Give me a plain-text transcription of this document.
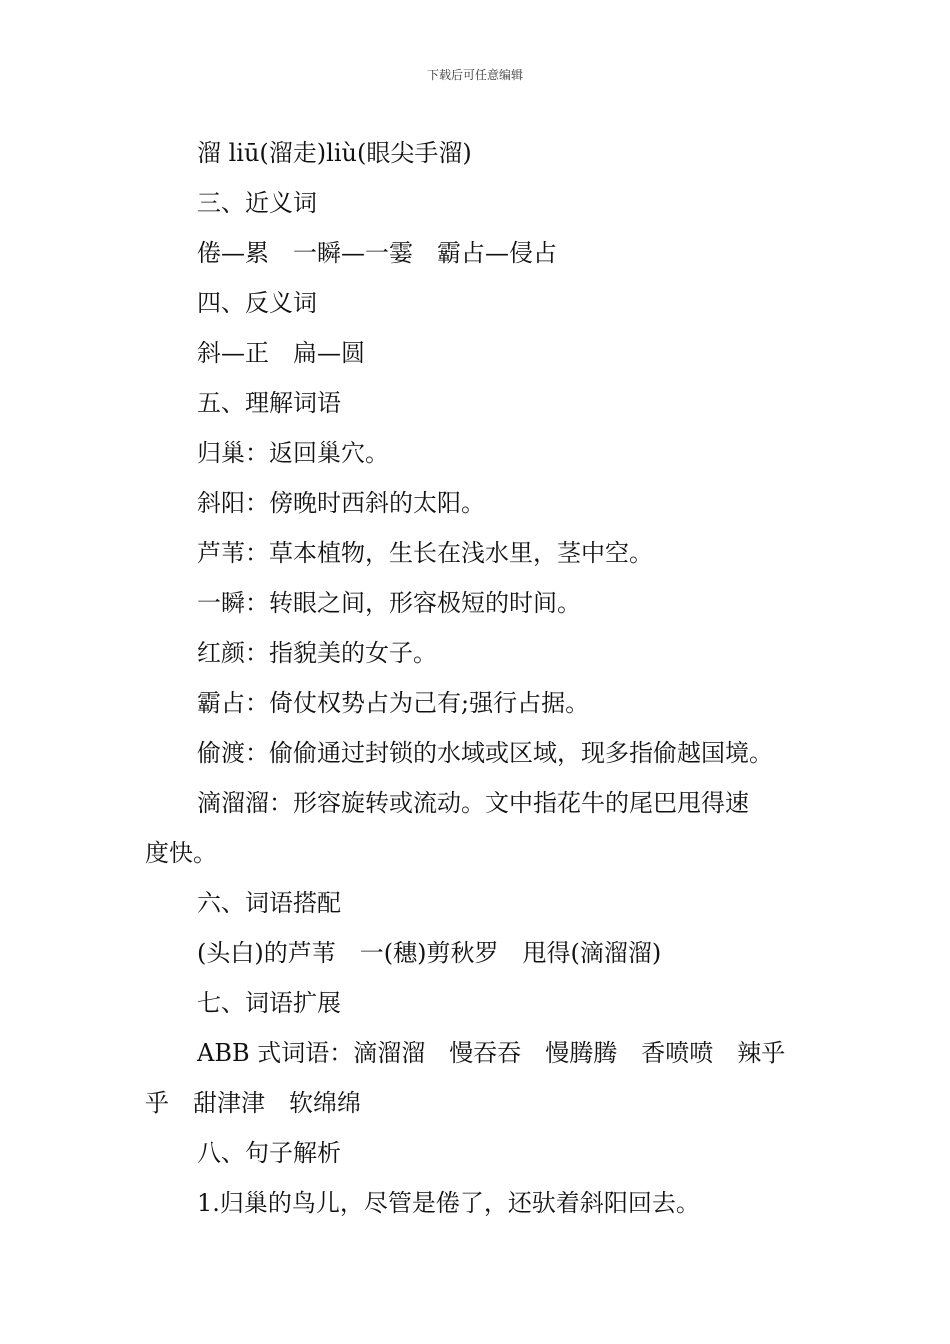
下载后可任意编辑
溜 liū(溜走)liù(眼尖手溜)
三、近义词
倦—累　一瞬—一霎　霸占—侵占
四、反义词
斜—正　扁—圆
五、理解词语
归巢：返回巢穴。
斜阳：傍晚时西斜的太阳。
芦苇：草本植物，生长在浅水里，茎中空。
一瞬：转眼之间，形容极短的时间。
红颜：指貌美的女子。
霸占：倚仗权势占为己有;强行占据。
偷渡：偷偷通过封锁的水域或区域，现多指偷越国境。
滴溜溜：形容旋转或流动。文中指花牛的尾巴甩得速
度快。
六、词语搭配
(头白)的芦苇　一(穗)剪秋罗　甩得(滴溜溜)
七、词语扩展
ABB 式词语：滴溜溜　慢吞吞　慢腾腾　香喷喷　辣乎
乎　甜津津　软绵绵
八、句子解析
1.归巢的鸟儿，尽管是倦了，还驮着斜阳回去。
